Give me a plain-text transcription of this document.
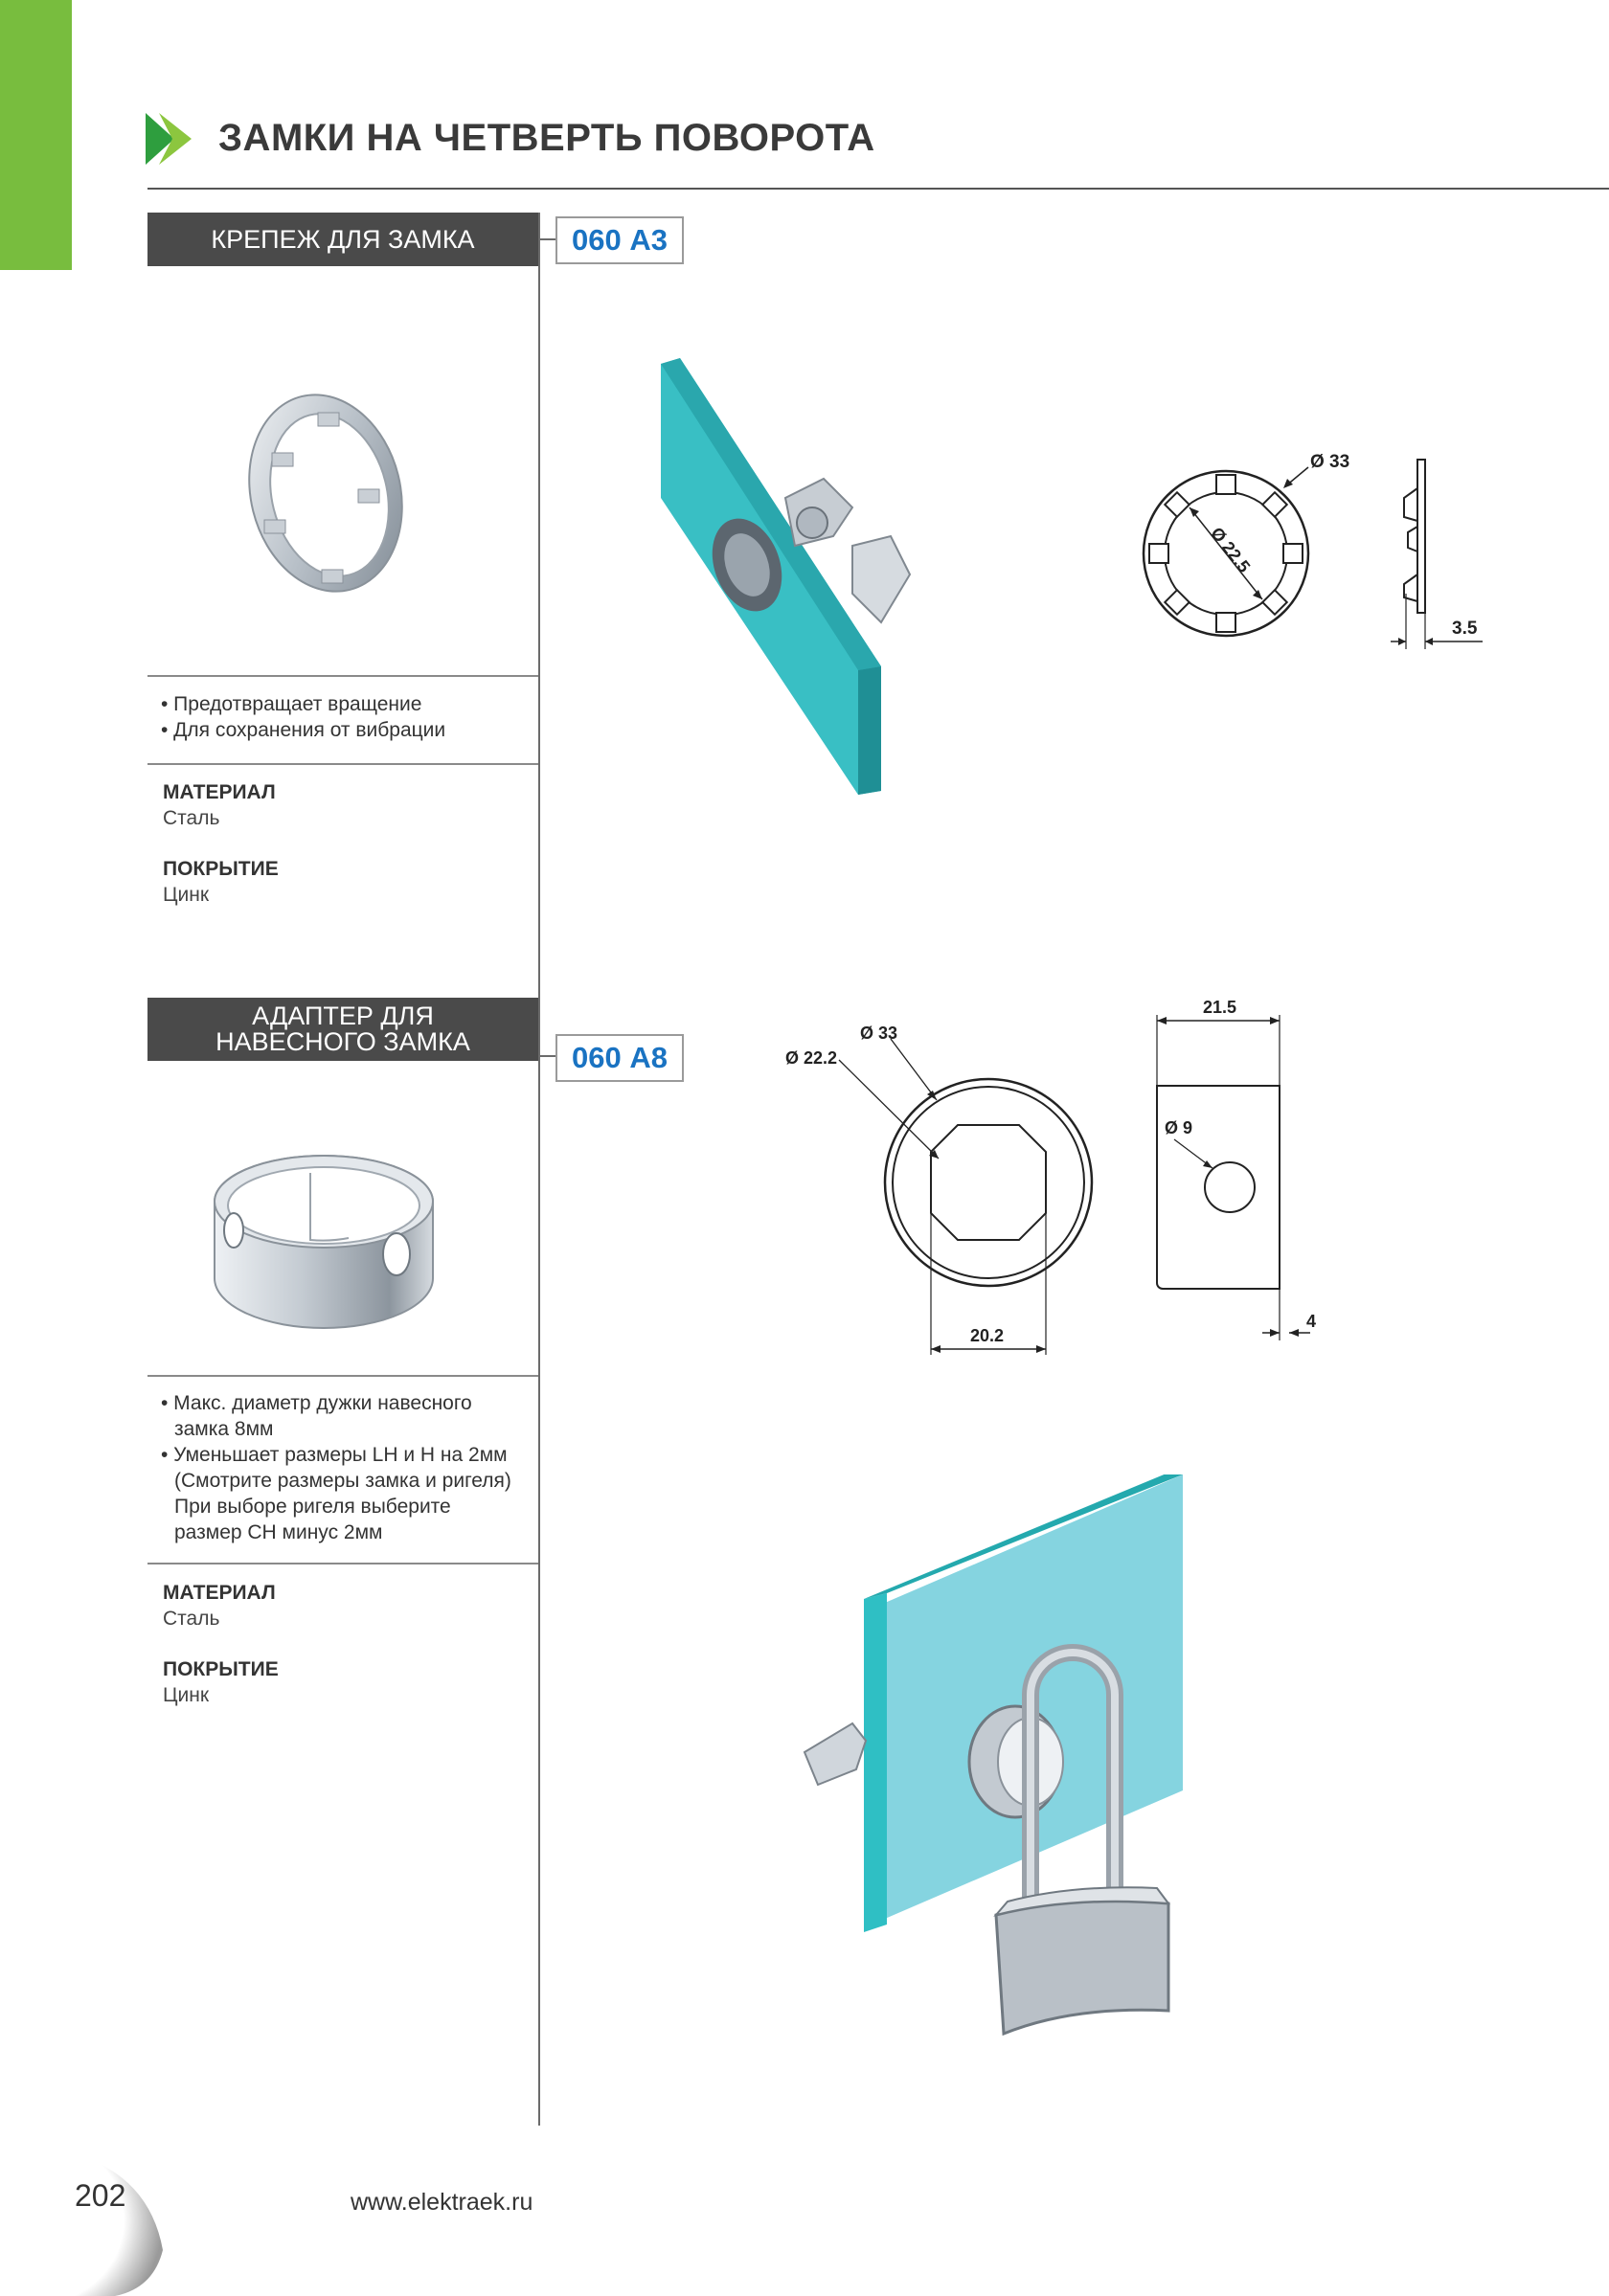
ЗАМКИ НА ЧЕТВЕРТЬ ПОВОРОТА
КРЕПЕЖ ДЛЯ ЗАМКА	060 А3
• Предотвращает вращение
• Для сохранения от вибрации
МАТЕРИАЛ
Сталь
ПОКРЫТИЕ
Цинк
Ø 22.5
Ø 33
3.5
АДАПТЕР ДЛЯ
НАВЕСНОГО ЗАМКА	060 А8
• Макс. диаметр дужки навесного
замка 8мм
• Уменьшает размеры LH и H на 2мм
(Смотрите размеры замка и ригеля)
При выборе ригеля выберите
размер CH минус 2мм
МАТЕРИАЛ
Сталь
ПОКРЫТИЕ
Цинк
20.2
Ø 22.2
Ø 33
21.5
Ø 9
4
202	www.elektraek.ru
